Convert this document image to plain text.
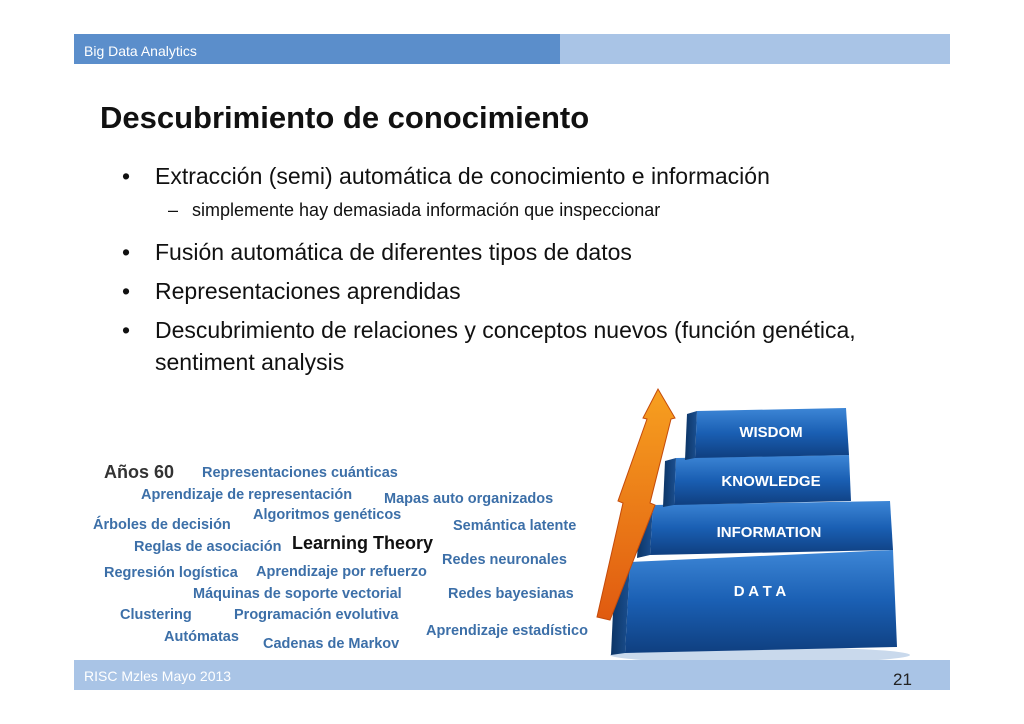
Big Data Analytics
Descubrimiento de conocimiento
• Extracción (semi) automática de conocimiento e información
– simplemente hay demasiada información que inspeccionar
• Fusión automática de diferentes tipos de datos
• Representaciones aprendidas
• Descubrimiento de relaciones y conceptos nuevos (función genética, sentiment analysis
Años 60 Representaciones cuánticas
Aprendizaje de representación Mapas auto organizados
Algoritmos genéticos
Árboles de decisión	Semántica latente
Reglas de asociación Learning Theory
Redes neuronales
Regresión logística Aprendizaje por refuerzo
Máquinas de soporte vectorial	Redes bayesianas
Clustering	Programación evolutiva
Autómatas	Aprendizaje estadístico
Cadenas de Markov
WISDOM
KNOWLEDGE
INFORMATION
D A T A
RISC Mzles Mayo 2013	21
